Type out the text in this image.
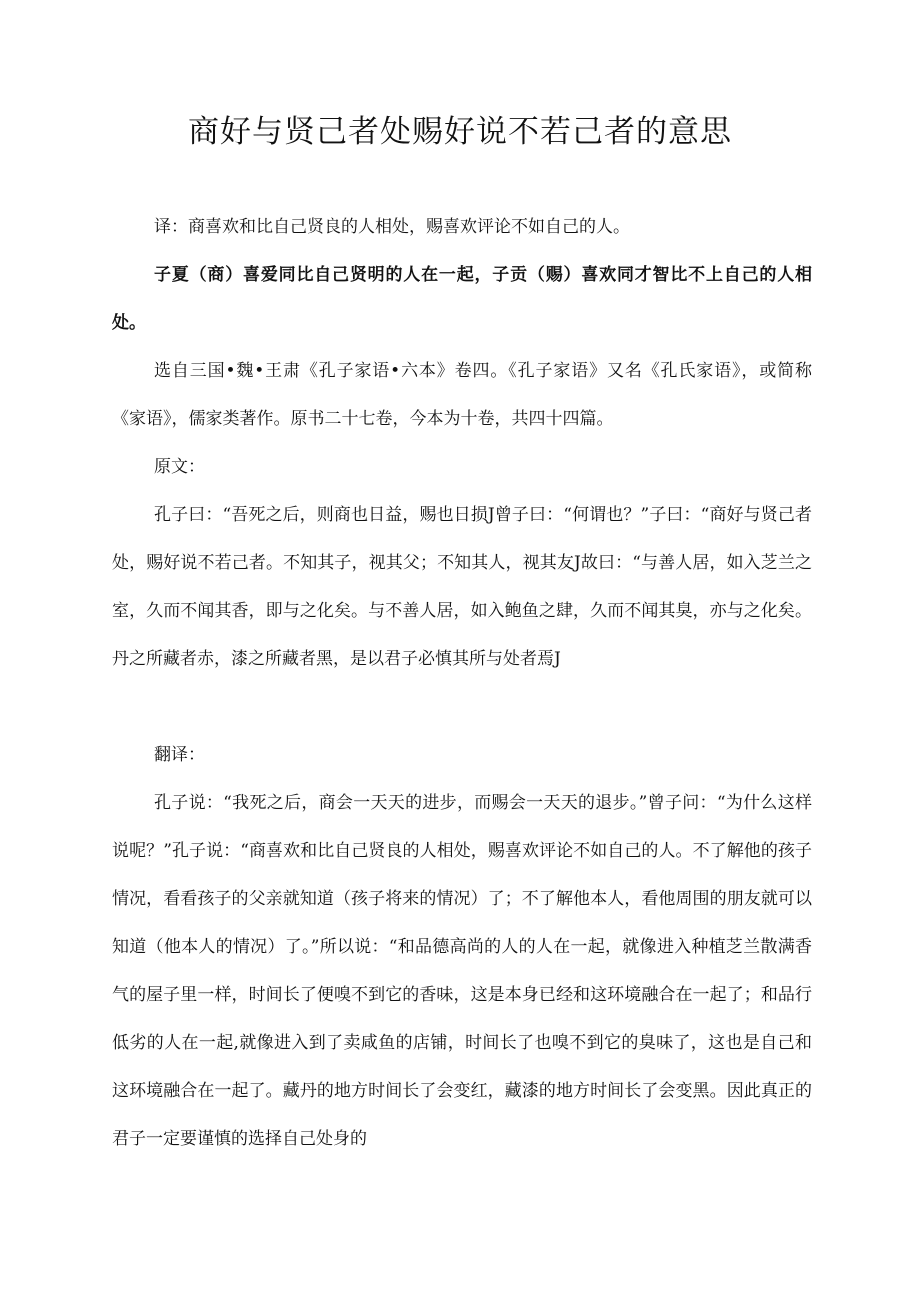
商好与贤己者处赐好说不若己者的意思

译：商喜欢和比自己贤良的人相处，赐喜欢评论不如自己的人。

子夏（商）喜爱同比自己贤明的人在一起，子贡（赐）喜欢同才智比不上自己的人相处。

选自三国•魏•王肃《孔子家语•六本》卷四。《孔子家语》又名《孔氏家语》，或简称《家语》，儒家类著作。原书二十七卷，今本为十卷，共四十四篇。

原文：

孔子曰：“吾死之后，则商也日益，赐也日损J曾子曰：“何谓也？”子曰：“商好与贤己者处，赐好说不若己者。不知其子，视其父；不知其人，视其友J故曰：“与善人居，如入芝兰之室，久而不闻其香，即与之化矣。与不善人居，如入鲍鱼之肆，久而不闻其臭，亦与之化矣。丹之所藏者赤，漆之所藏者黑，是以君子必慎其所与处者焉J

翻译：

孔子说：“我死之后，商会一天天的进步，而赐会一天天的退步。”曾子问：“为什么这样说呢？”孔子说：“商喜欢和比自己贤良的人相处，赐喜欢评论不如自己的人。不了解他的孩子情况，看看孩子的父亲就知道（孩子将来的情况）了；不了解他本人，看他周围的朋友就可以知道（他本人的情况）了。”所以说：“和品德高尚的人的人在一起，就像进入种植芝兰散满香气的屋子里一样，时间长了便嗅不到它的香味，这是本身已经和这环境融合在一起了；和品行低劣的人在一起,就像进入到了卖咸鱼的店铺，时间长了也嗅不到它的臭味了，这也是自己和这环境融合在一起了。藏丹的地方时间长了会变红，藏漆的地方时间长了会变黑。因此真正的君子一定要谨慎的选择自己处身的
